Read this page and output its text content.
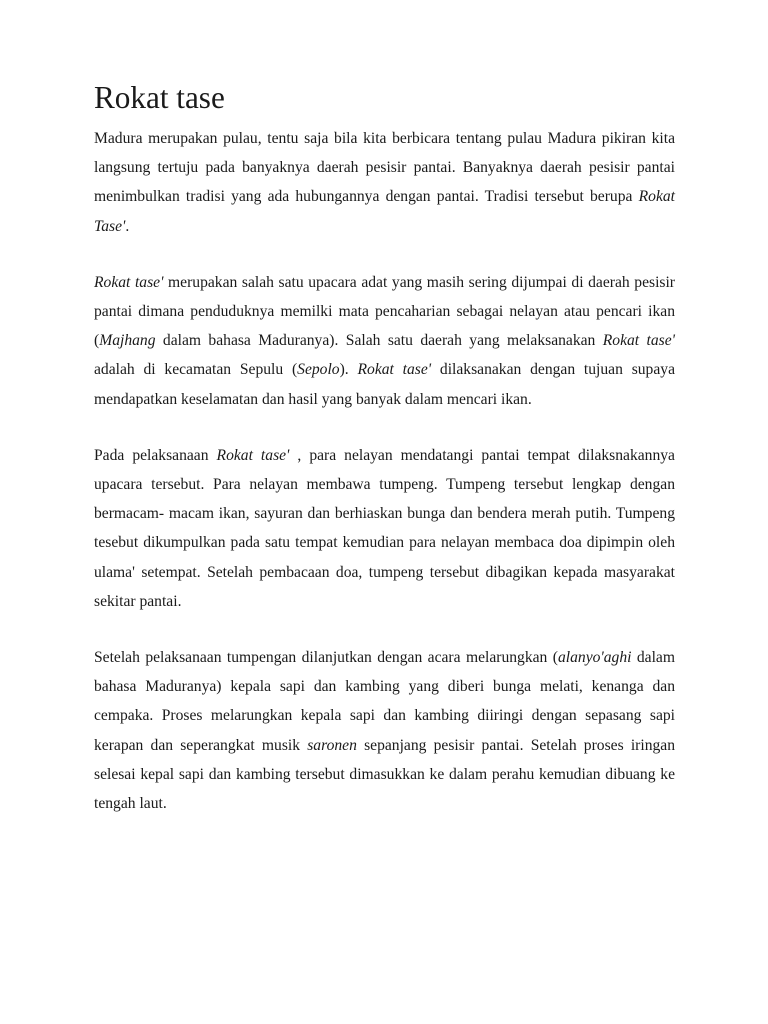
Rokat tase

Madura merupakan pulau, tentu saja bila kita berbicara tentang pulau Madura pikiran kita langsung tertuju pada banyaknya daerah pesisir pantai. Banyaknya daerah pesisir pantai menimbulkan tradisi yang ada hubungannya dengan pantai. Tradisi tersebut berupa Rokat Tase'.

Rokat tase' merupakan salah satu upacara adat yang masih sering dijumpai di daerah pesisir pantai dimana penduduknya memilki mata pencaharian sebagai nelayan atau pencari ikan (Majhang dalam bahasa Maduranya). Salah satu daerah yang melaksanakan Rokat tase' adalah di kecamatan Sepulu (Sepolo). Rokat tase' dilaksanakan dengan tujuan supaya mendapatkan keselamatan dan hasil yang banyak dalam mencari ikan.

Pada pelaksanaan Rokat tase' , para nelayan mendatangi pantai tempat dilaksnakannya upacara tersebut. Para nelayan membawa tumpeng. Tumpeng tersebut lengkap dengan bermacam- macam ikan, sayuran dan berhiaskan bunga dan bendera merah putih. Tumpeng tesebut dikumpulkan pada satu tempat kemudian para nelayan membaca doa dipimpin oleh ulama' setempat. Setelah pembacaan doa, tumpeng tersebut dibagikan kepada masyarakat sekitar pantai.

Setelah pelaksanaan tumpengan dilanjutkan dengan acara melarungkan (alanyo'aghi dalam bahasa Maduranya) kepala sapi dan kambing yang diberi bunga melati, kenanga dan cempaka. Proses melarungkan kepala sapi dan kambing diiringi dengan sepasang sapi kerapan dan seperangkat musik saronen sepanjang pesisir pantai. Setelah proses iringan selesai kepal sapi dan kambing tersebut dimasukkan ke dalam perahu kemudian dibuang ke tengah laut.
